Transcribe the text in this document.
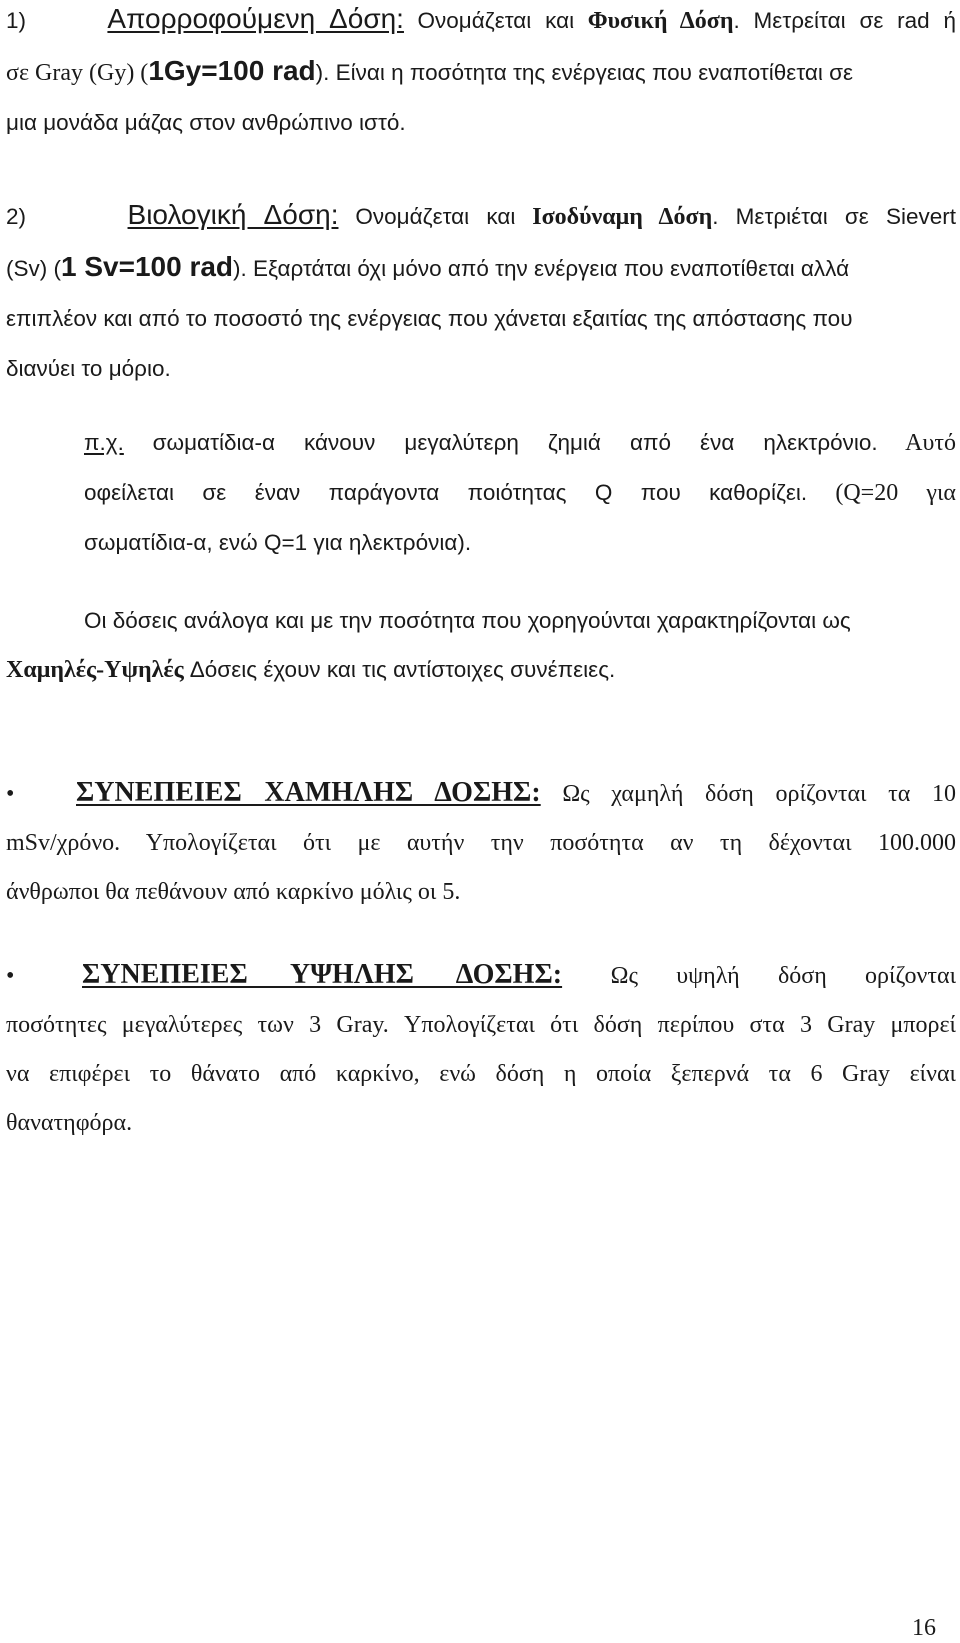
1)	Απορροφούμενη Δόση: Ονομάζεται και Φυσική Δόση. Μετρείται σε rad ή
σε Gray (Gy) (1Gy=100 rad). Είναι η ποσότητα της ενέργειας που εναποτίθεται σε
μια μονάδα μάζας στον ανθρώπινο ιστό.
2)	Βιολογική Δόση: Ονομάζεται και Ισοδύναμη Δόση. Μετριέται σε Sievert
(Sv) (1 Sv=100 rad). Εξαρτάται όχι μόνο από την ενέργεια που εναποτίθεται αλλά
επιπλέον και από το ποσοστό της ενέργειας που χάνεται εξαιτίας της απόστασης που
διανύει το μόριο.
π.χ. σωματίδια-α κάνουν μεγαλύτερη ζημιά από ένα ηλεκτρόνιο. Αυτό
οφείλεται σε έναν παράγοντα ποιότητας Q που καθορίζει. (Q=20 για
σωματίδια-α, ενώ Q=1 για ηλεκτρόνια).
Οι δόσεις ανάλογα και με την ποσότητα που χορηγούνται χαρακτηρίζονται ως
Χαμηλές-Υψηλές Δόσεις έχουν και τις αντίστοιχες συνέπειες.
• ΣΥΝΕΠΕΙΕΣ ΧΑΜΗΛΗΣ ΔΟΣΗΣ: Ως χαμηλή δόση ορίζονται τα 10
mSv/χρόνο. Υπολογίζεται ότι με αυτήν την ποσότητα αν τη δέχονται 100.000
άνθρωποι θα πεθάνουν από καρκίνο μόλις οι 5.
• ΣΥΝΕΠΕΙΕΣ ΥΨΗΛΗΣ ΔΟΣΗΣ: Ως υψηλή δόση ορίζονται
ποσότητες μεγαλύτερες των 3 Gray. Υπολογίζεται ότι δόση περίπου στα 3 Gray μπορεί
να επιφέρει το θάνατο από καρκίνο, ενώ δόση η οποία ξεπερνά τα 6 Gray είναι
θανατηφόρα.
16
